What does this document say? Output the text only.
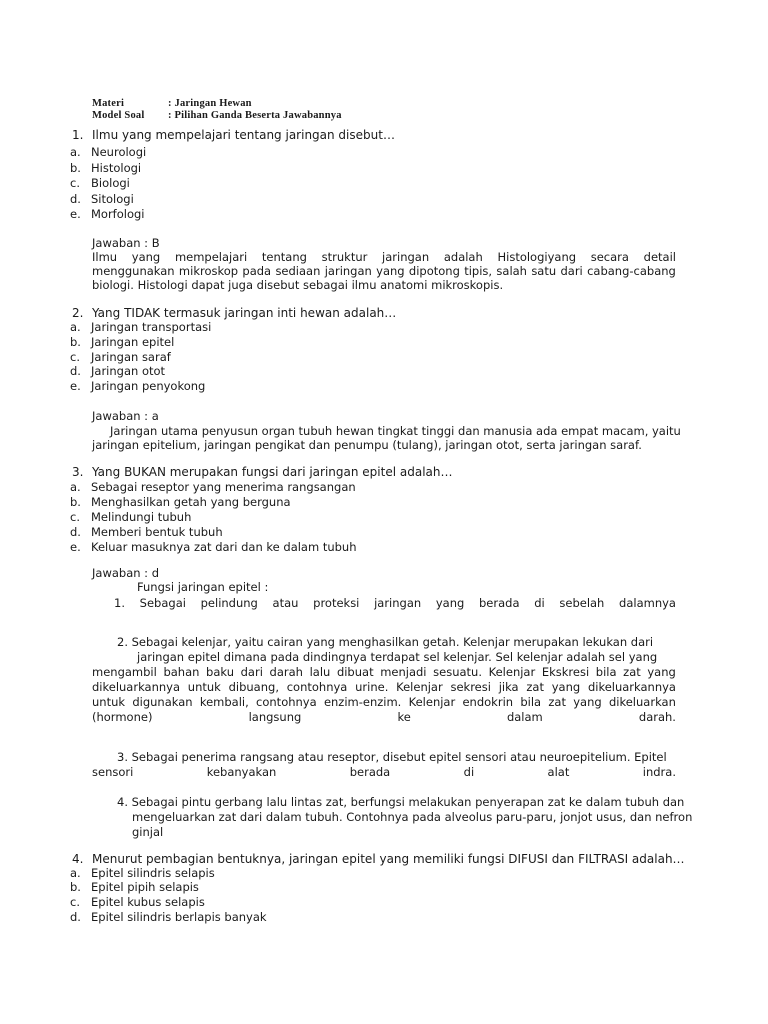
Materi	: Jaringan Hewan
Model Soal : Pilihan Ganda Beserta Jawabannya
1. Ilmu yang mempelajari tentang jaringan disebut…
a. Neurologi
b. Histologi
c. Biologi
d. Sitologi
e. Morfologi
Jawaban : B
Ilmu yang mempelajari tentang struktur jaringan adalah Histologiyang secara detail
menggunakan mikroskop pada sediaan jaringan yang dipotong tipis, salah satu dari cabang-cabang
biologi. Histologi dapat juga disebut sebagai ilmu anatomi mikroskopis.
2. Yang TIDAK termasuk jaringan inti hewan adalah…
a. Jaringan transportasi
b. Jaringan epitel
c. Jaringan saraf
d. Jaringan otot
e. Jaringan penyokong
Jawaban : a
Jaringan utama penyusun organ tubuh hewan tingkat tinggi dan manusia ada empat macam, yaitu
jaringan epitelium, jaringan pengikat dan penumpu (tulang), jaringan otot, serta jaringan saraf.
3. Yang BUKAN merupakan fungsi dari jaringan epitel adalah…
a. Sebagai reseptor yang menerima rangsangan
b. Menghasilkan getah yang berguna
c. Melindungi tubuh
d. Memberi bentuk tubuh
e. Keluar masuknya zat dari dan ke dalam tubuh
Jawaban : d
Fungsi jaringan epitel :
1. Sebagai pelindung atau proteksi jaringan yang berada di sebelah dalamnya
2. Sebagai kelenjar, yaitu cairan yang menghasilkan getah. Kelenjar merupakan lekukan dari
jaringan epitel dimana pada dindingnya terdapat sel kelenjar. Sel kelenjar adalah sel yang
mengambil bahan baku dari darah lalu dibuat menjadi sesuatu. Kelenjar Ekskresi bila zat yang
dikeluarkannya untuk dibuang, contohnya urine. Kelenjar sekresi jika zat yang dikeluarkannya
untuk digunakan kembali, contohnya enzim-enzim. Kelenjar endokrin bila zat yang dikeluarkan
(hormone)	langsung	ke	dalam	darah.
3. Sebagai penerima rangsang atau reseptor, disebut epitel sensori atau neuroepitelium. Epitel
sensori	kebanyakan	berada	di	alat	indra.
4. Sebagai pintu gerbang lalu lintas zat, berfungsi melakukan penyerapan zat ke dalam tubuh dan
mengeluarkan zat dari dalam tubuh. Contohnya pada alveolus paru-paru, jonjot usus, dan nefron
ginjal
4. Menurut pembagian bentuknya, jaringan epitel yang memiliki fungsi DIFUSI dan FILTRASI adalah…
a. Epitel silindris selapis
b. Epitel pipih selapis
c. Epitel kubus selapis
d. Epitel silindris berlapis banyak
